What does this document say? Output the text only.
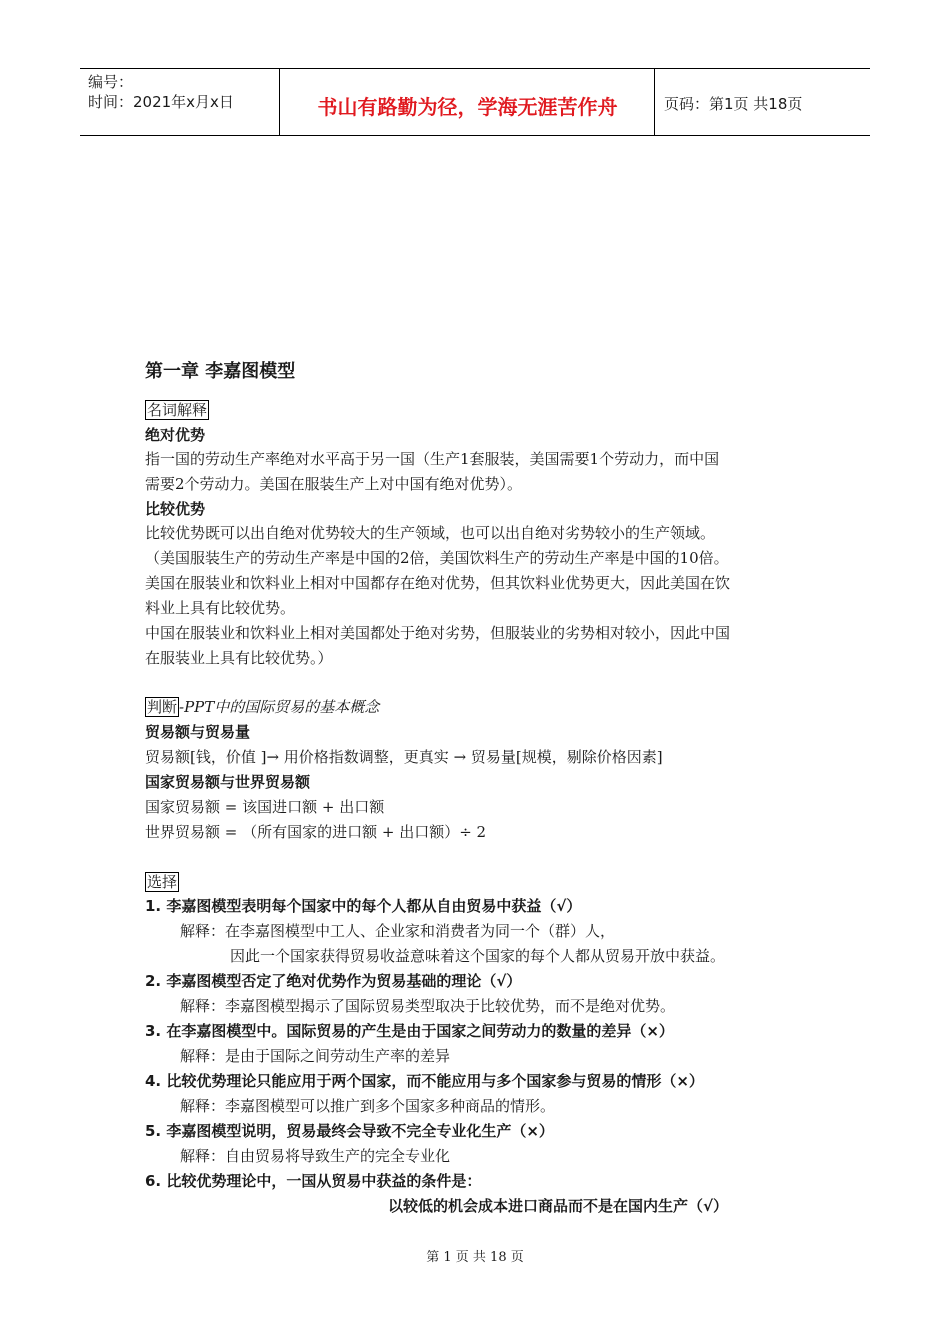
编号：
时间：2021年x月x日	书山有路勤为径，学海无涯苦作舟	页码：第1页 共18页
第一章 李嘉图模型
名词解释
绝对优势
指一国的劳动生产率绝对水平高于另一国（生产1套服装，美国需要1个劳动力，而中国
需要2个劳动力。美国在服装生产上对中国有绝对优势）。
比较优势
比较优势既可以出自绝对优势较大的生产领域，也可以出自绝对劣势较小的生产领域。
（美国服装生产的劳动生产率是中国的2倍，美国饮料生产的劳动生产率是中国的10倍。
美国在服装业和饮料业上相对中国都存在绝对优势，但其饮料业优势更大，因此美国在饮
料业上具有比较优势。
中国在服装业和饮料业上相对美国都处于绝对劣势，但服装业的劣势相对较小，因此中国
在服装业上具有比较优势。）
判断 -PPT中的国际贸易的基本概念
贸易额与贸易量
贸易额[钱，价值 ]→ 用价格指数调整，更真实 → 贸易量[规模，剔除价格因素]
国家贸易额与世界贸易额
国家贸易额 = 该国进口额 + 出口额
世界贸易额 = （所有国家的进口额 + 出口额）÷ 2
选择
1. 李嘉图模型表明每个国家中的每个人都从自由贸易中获益（√）
解释：在李嘉图模型中工人、企业家和消费者为同一个（群）人，
因此一个国家获得贸易收益意味着这个国家的每个人都从贸易开放中获益。
2. 李嘉图模型否定了绝对优势作为贸易基础的理论（√）
解释：李嘉图模型揭示了国际贸易类型取决于比较优势，而不是绝对优势。
3. 在李嘉图模型中。国际贸易的产生是由于国家之间劳动力的数量的差异（×）
解释：是由于国际之间劳动生产率的差异
4. 比较优势理论只能应用于两个国家，而不能应用与多个国家参与贸易的情形（×）
解释：李嘉图模型可以推广到多个国家多种商品的情形。
5. 李嘉图模型说明，贸易最终会导致不完全专业化生产（×）
解释：自由贸易将导致生产的完全专业化
6. 比较优势理论中，一国从贸易中获益的条件是：
以较低的机会成本进口商品而不是在国内生产（√）
第 1 页 共 18 页
